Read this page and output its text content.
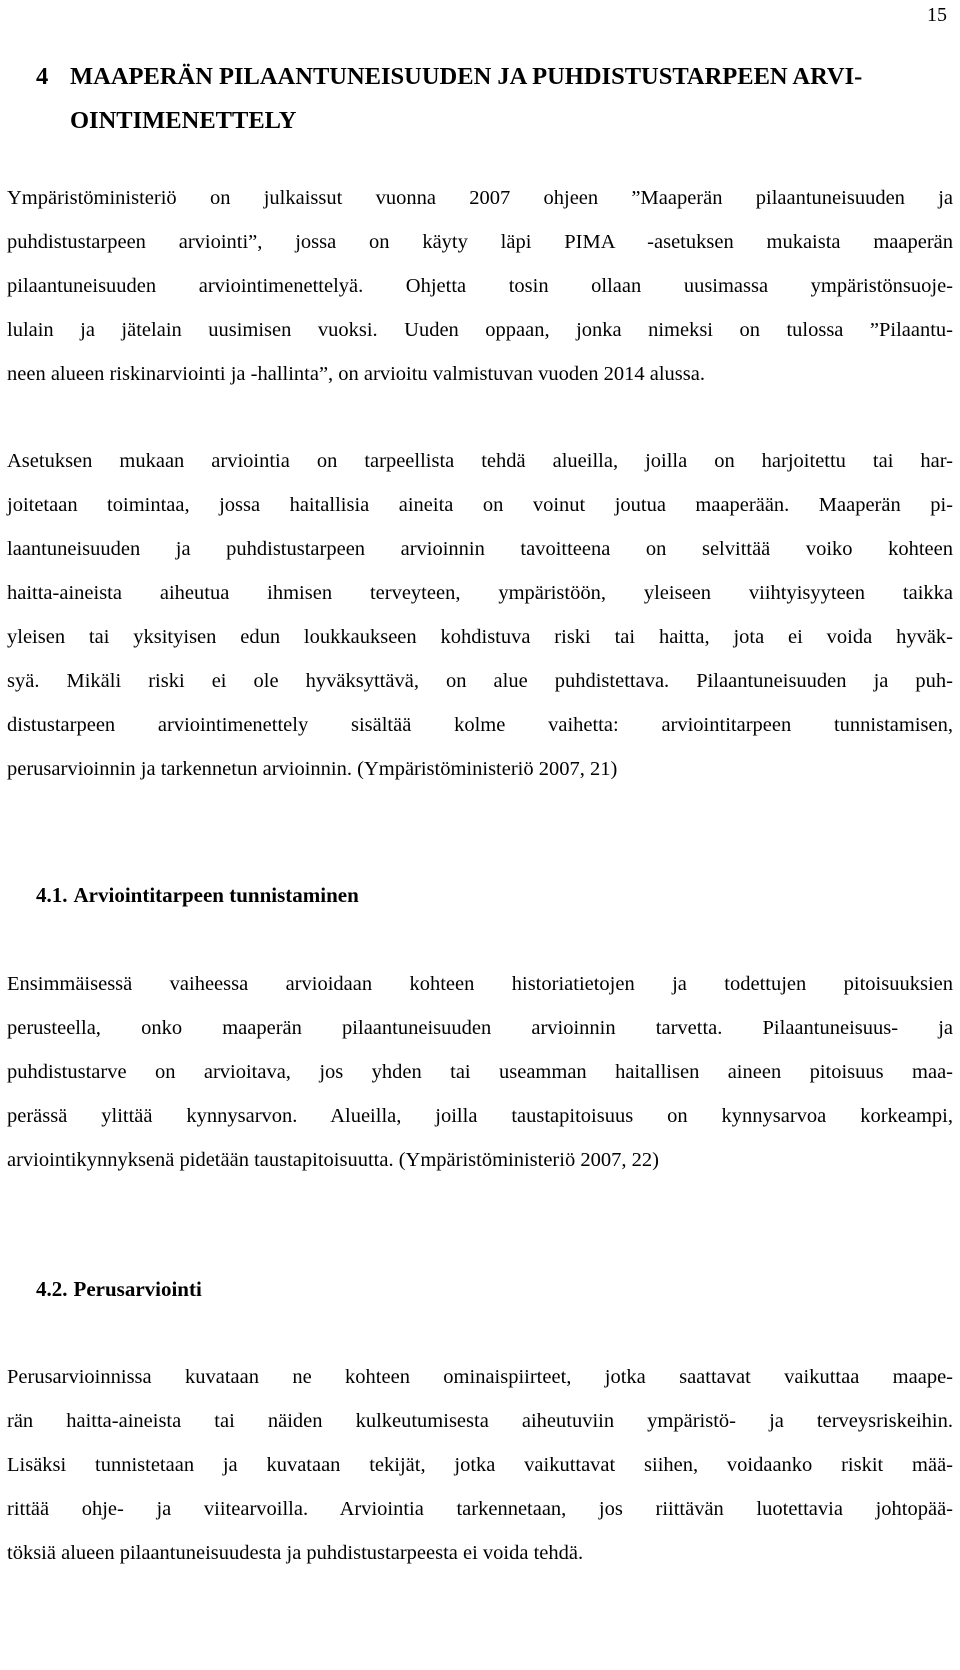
15
4 MAAPERÄN PILAANTUNEISUUDEN JA PUHDISTUSTARPEEN ARVI-
OINTIMENETTELY
Ympäristöministeriö on julkaissut vuonna 2007 ohjeen ”Maaperän pilaantuneisuuden ja
puhdistustarpeen arviointi”, jossa on käyty läpi PIMA -asetuksen mukaista maaperän
pilaantuneisuuden arviointimenettelyä. Ohjetta tosin ollaan uusimassa ympäristönsuoje-
lulain ja jätelain uusimisen vuoksi. Uuden oppaan, jonka nimeksi on tulossa ”Pilaantu-
neen alueen riskinarviointi ja -hallinta”, on arvioitu valmistuvan vuoden 2014 alussa.
Asetuksen mukaan arviointia on tarpeellista tehdä alueilla, joilla on harjoitettu tai har-
joitetaan toimintaa, jossa haitallisia aineita on voinut joutua maaperään. Maaperän pi-
laantuneisuuden ja puhdistustarpeen arvioinnin tavoitteena on selvittää voiko kohteen
haitta-aineista aiheutua ihmisen terveyteen, ympäristöön, yleiseen viihtyisyyteen taikka
yleisen tai yksityisen edun loukkaukseen kohdistuva riski tai haitta, jota ei voida hyväk-
syä. Mikäli riski ei ole hyväksyttävä, on alue puhdistettava. Pilaantuneisuuden ja puh-
distustarpeen arviointimenettely sisältää kolme vaihetta: arviointitarpeen tunnistamisen,
perusarvioinnin ja tarkennetun arvioinnin. (Ympäristöministeriö 2007, 21)
4.1. Arviointitarpeen tunnistaminen
Ensimmäisessä vaiheessa arvioidaan kohteen historiatietojen ja todettujen pitoisuuksien
perusteella, onko maaperän pilaantuneisuuden arvioinnin tarvetta. Pilaantuneisuus- ja
puhdistustarve on arvioitava, jos yhden tai useamman haitallisen aineen pitoisuus maa-
perässä ylittää kynnysarvon. Alueilla, joilla taustapitoisuus on kynnysarvoa korkeampi,
arviointikynnyksenä pidetään taustapitoisuutta. (Ympäristöministeriö 2007, 22)
4.2. Perusarviointi
Perusarvioinnissa kuvataan ne kohteen ominaispiirteet, jotka saattavat vaikuttaa maape-
rän haitta-aineista tai näiden kulkeutumisesta aiheutuviin ympäristö- ja terveysriskeihin.
Lisäksi tunnistetaan ja kuvataan tekijät, jotka vaikuttavat siihen, voidaanko riskit mää-
rittää ohje- ja viitearvoilla. Arviointia tarkennetaan, jos riittävän luotettavia johtopää-
töksiä alueen pilaantuneisuudesta ja puhdistustarpeesta ei voida tehdä.
